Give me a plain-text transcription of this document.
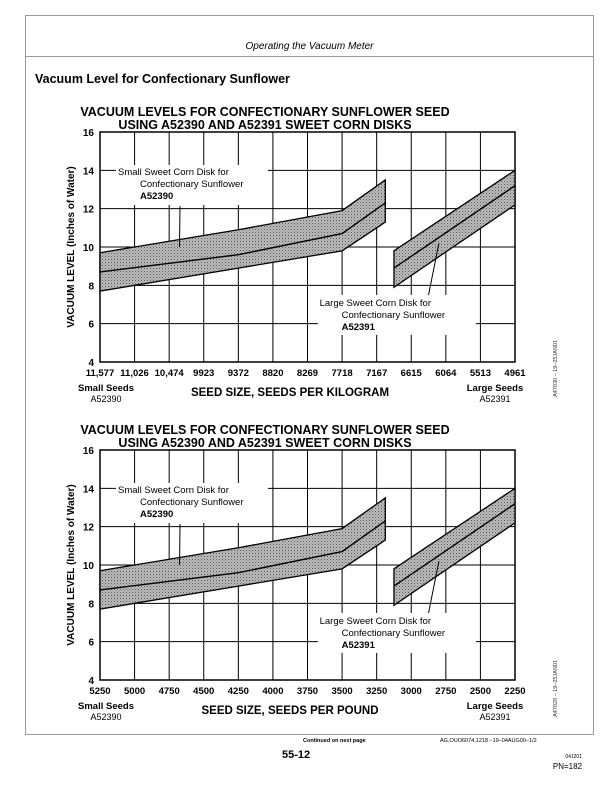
Operating the Vacuum Meter
Vacuum Level for Confectionary Sunflower
VACUUM LEVELS FOR CONFECTIONARY SUNFLOWER SEED
USING A52390 AND A52391 SWEET CORN DISKS
4
6
8
10
12
14
16
11,577 11,026 10,474 9923 9372 8820 8269 7718 7167 6615 6064 5513 4961
VACUUM LEVEL (Inches of Water)
SEED SIZE, SEEDS PER KILOGRAM
Small Seeds
A52390
Large Seeds
A52391
Small Sweet Corn Disk for
Confectionary Sunflower
A52390
Large Sweet Corn Disk for
Confectionary Sunflower
A52391
VACUUM LEVELS FOR CONFECTIONARY SUNFLOWER SEED
USING A52390 AND A52391 SWEET CORN DISKS
4
6
8
10
12
14
16
5250 5000 4750 4500 4250 4000 3750 3500 3250 3000 2750 2500 2250
VACUUM LEVEL (Inches of Water)
SEED SIZE, SEEDS PER POUND
Small Seeds
A52390
Large Seeds
A52391
Small Sweet Corn Disk for
Confectionary Sunflower
A52390
Large Sweet Corn Disk for
Confectionary Sunflower
A52391
A47030 – 19–25JAN01
A47029 – 19–25JAN01
Continued on next page	AG,OUO6074,1218 –19–04AUG00–1/2
55-12	041201
PN=182
